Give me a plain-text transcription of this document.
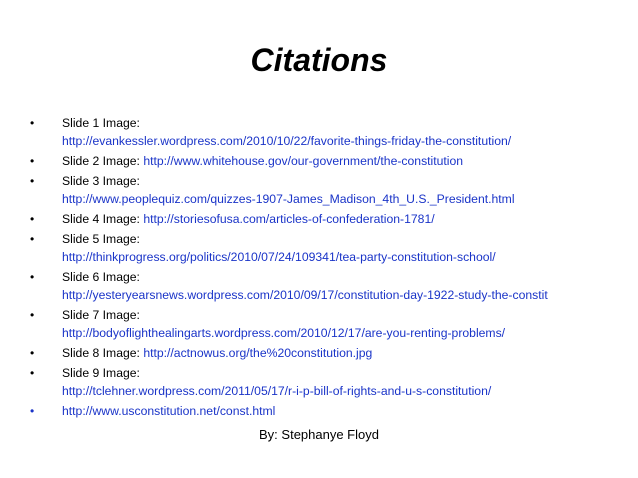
Citations
• Slide 1 Image:
http://evankessler.wordpress.com/2010/10/22/favorite-things-friday-the-constitution/
• Slide 2 Image: http://www.whitehouse.gov/our-government/the-constitution
• Slide 3 Image:
http://www.peoplequiz.com/quizzes-1907-James_Madison_4th_U.S._President.html
• Slide 4 Image: http://storiesofusa.com/articles-of-confederation-1781/
• Slide 5 Image:
http://thinkprogress.org/politics/2010/07/24/109341/tea-party-constitution-school/
• Slide 6 Image:
http://yesteryearsnews.wordpress.com/2010/09/17/constitution-day-1922-study-the-constit
• Slide 7 Image:
http://bodyoflighthealingarts.wordpress.com/2010/12/17/are-you-renting-problems/
• Slide 8 Image: http://actnowus.org/the%20constitution.jpg
• Slide 9 Image:
http://tclehner.wordpress.com/2011/05/17/r-i-p-bill-of-rights-and-u-s-constitution/
• http://www.usconstitution.net/const.html
By: Stephanye Floyd
